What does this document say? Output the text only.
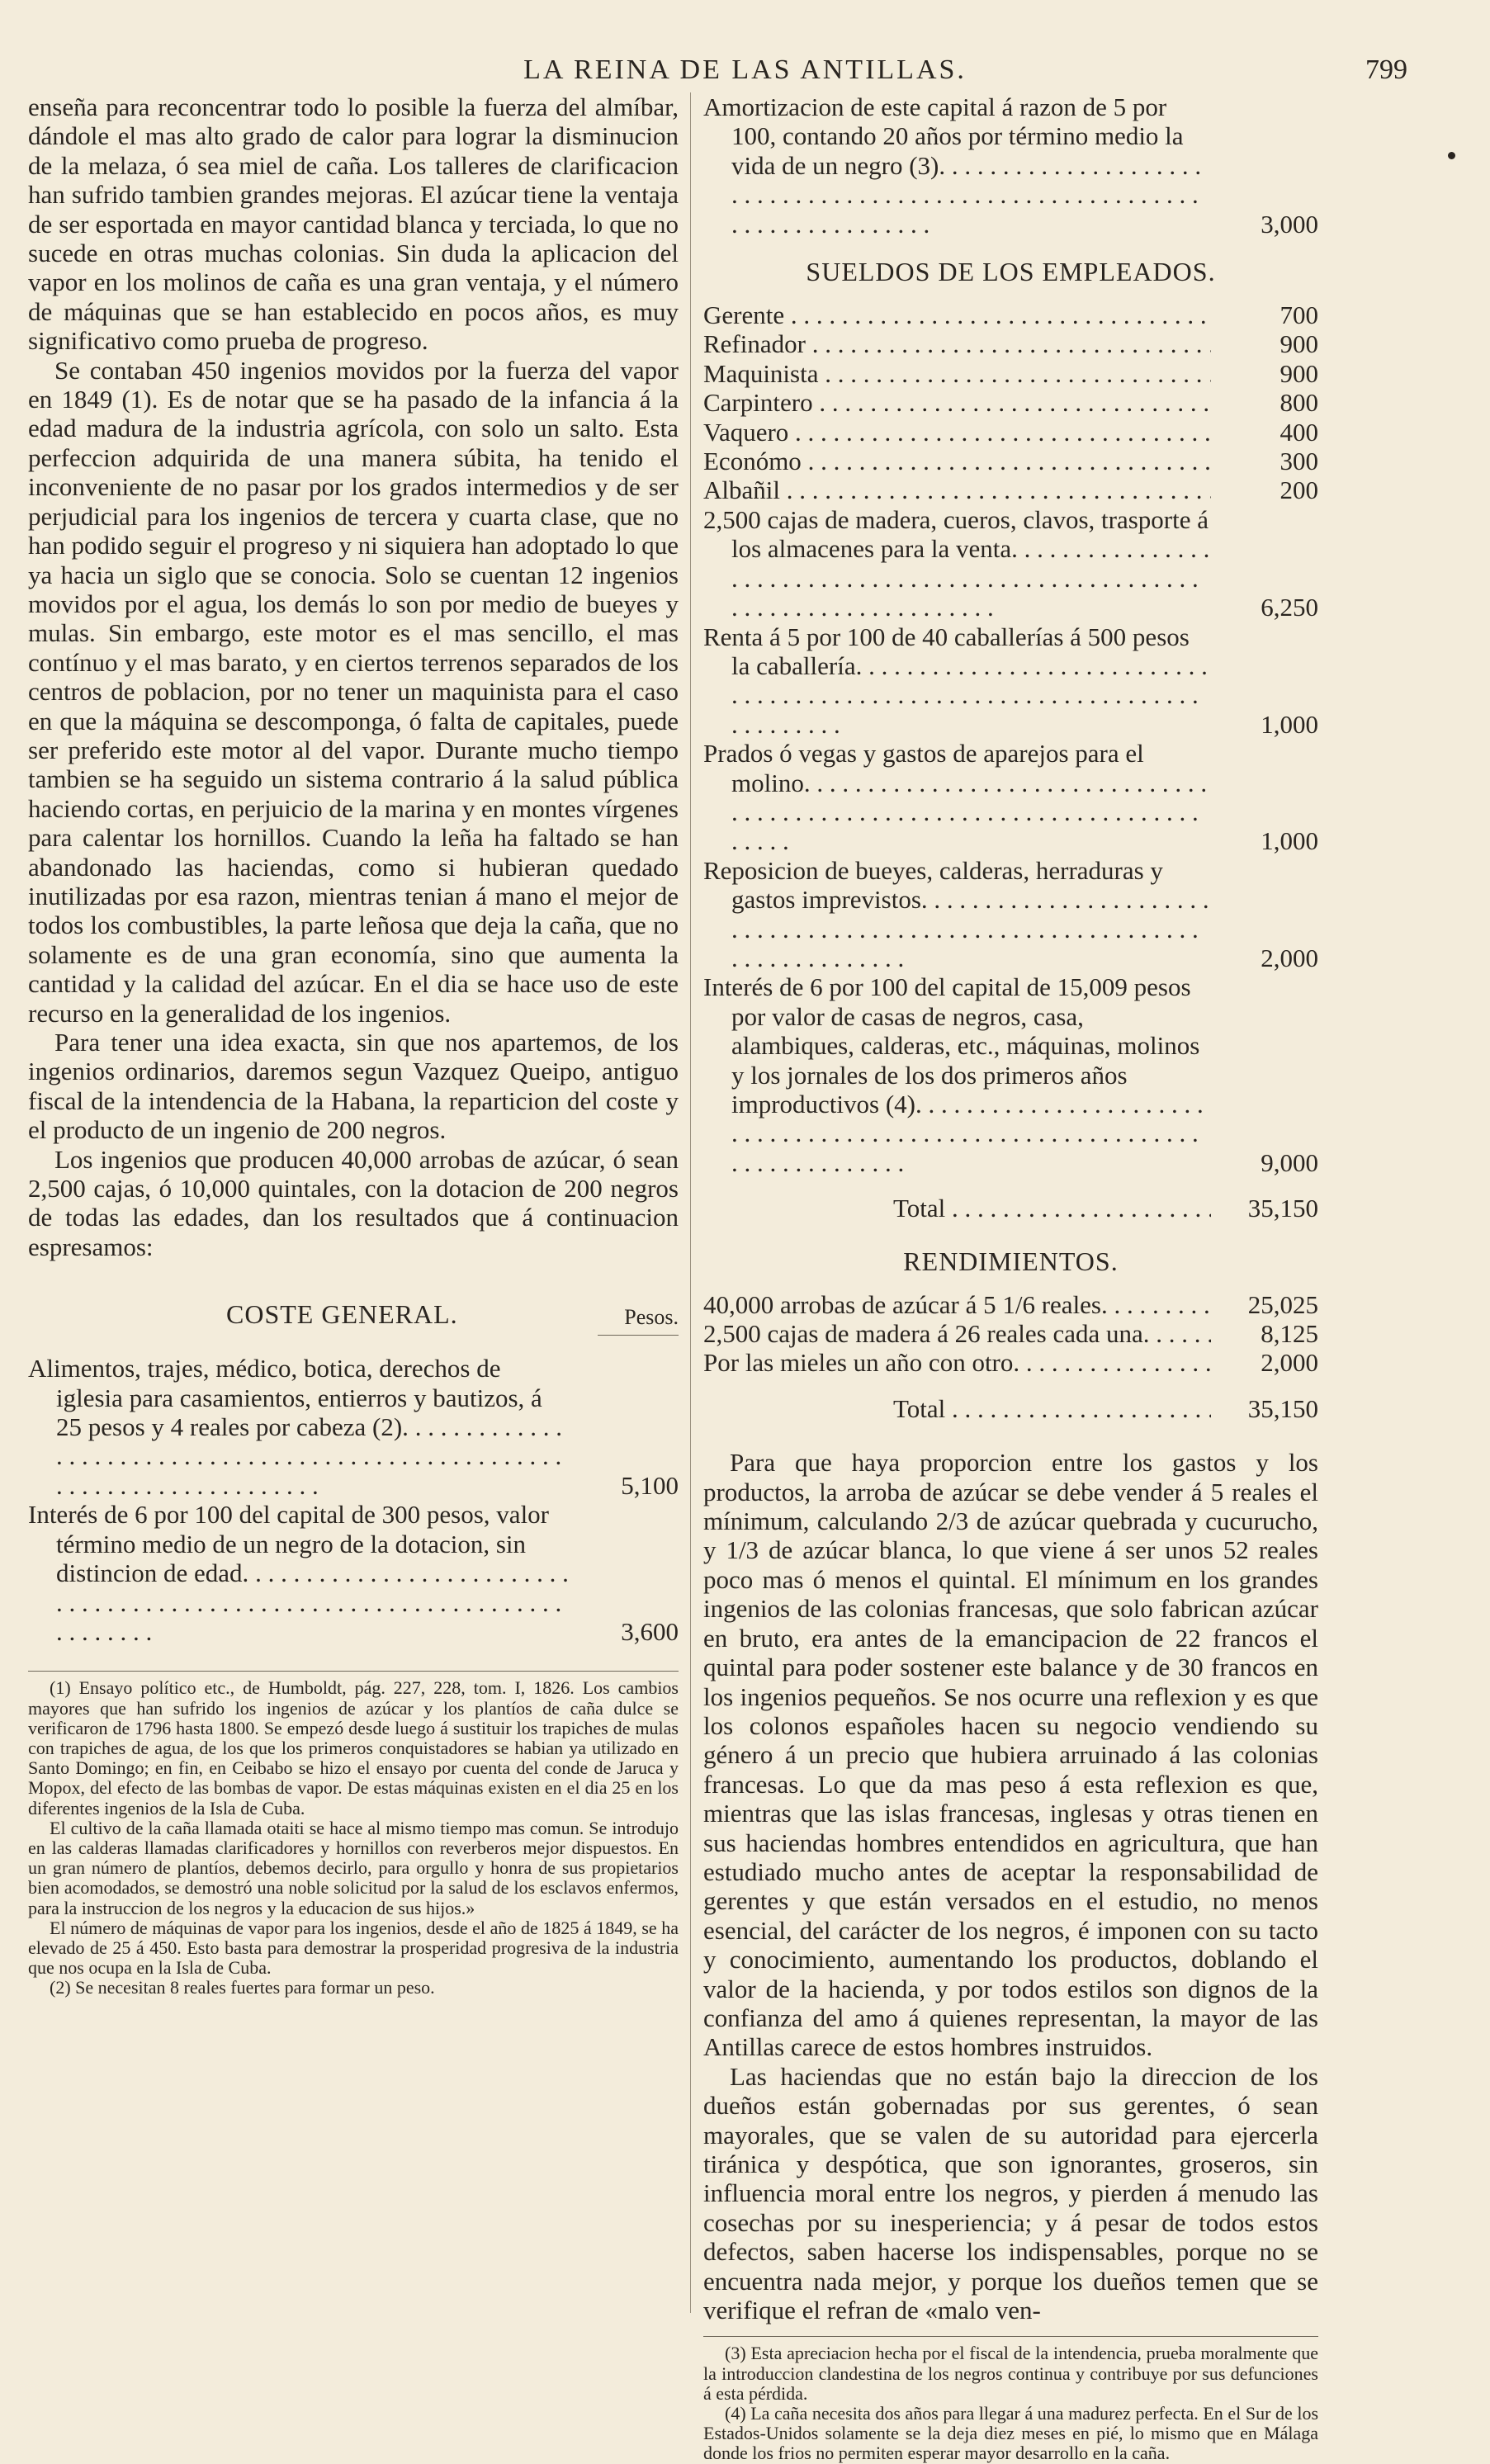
LA REINA DE LAS ANTILLAS.	799

enseña para reconcentrar todo lo posible la fuerza del almíbar, dándole el mas alto grado de calor para lograr la disminucion de la melaza, ó sea miel de caña. Los talleres de clarificacion han sufrido tambien grandes mejoras. El azúcar tiene la ventaja de ser esportada en mayor cantidad blanca y terciada, lo que no sucede en otras muchas colonias. Sin duda la aplicacion del vapor en los molinos de caña es una gran ventaja, y el número de máquinas que se han establecido en pocos años, es muy significativo como prueba de progreso.

Se contaban 450 ingenios movidos por la fuerza del vapor en 1849 (1). Es de notar que se ha pasado de la infancia á la edad madura de la industria agrícola, con solo un salto. Esta perfeccion adquirida de una manera súbita, ha tenido el inconveniente de no pasar por los grados intermedios y de ser perjudicial para los ingenios de tercera y cuarta clase, que no han podido seguir el progreso y ni siquiera han adoptado lo que ya hacia un siglo que se conocia. Solo se cuentan 12 ingenios movidos por el agua, los demás lo son por medio de bueyes y mulas. Sin embargo, este motor es el mas sencillo, el mas contínuo y el mas barato, y en ciertos terrenos separados de los centros de poblacion, por no tener un maquinista para el caso en que la máquina se descomponga, ó falta de capitales, puede ser preferido este motor al del vapor. Durante mucho tiempo tambien se ha seguido un sistema contrario á la salud pública haciendo cortas, en perjuicio de la marina y en montes vírgenes para calentar los hornillos. Cuando la leña ha faltado se han abandonado las haciendas, como si hubieran quedado inutilizadas por esa razon, mientras tenian á mano el mejor de todos los combustibles, la parte leñosa que deja la caña, que no solamente es de una gran economía, sino que aumenta la cantidad y la calidad del azúcar. En el dia se hace uso de este recurso en la generalidad de los ingenios.

Para tener una idea exacta, sin que nos apartemos, de los ingenios ordinarios, daremos segun Vazquez Queipo, antiguo fiscal de la intendencia de la Habana, la reparticion del coste y el producto de un ingenio de 200 negros.

Los ingenios que producen 40,000 arrobas de azúcar, ó sean 2,500 cajas, ó 10,000 quintales, con la dotacion de 200 negros de todas las edades, dan los resultados que á continuacion espresamos:

COSTE GENERAL.	Pesos.
Alimentos, trajes, médico, botica, derechos de iglesia para casamientos, entierros y bautizos, á 25 pesos y 4 reales por cabeza (2). . . .
5,100
Interés de 6 por 100 del capital de 300 pesos, valor término medio de un negro de la dotacion, sin distincion de edad. . . .
3,600

(1) Ensayo político etc., de Humboldt, pág. 227, 228, tom. I, 1826. Los cambios mayores que han sufrido los ingenios de azúcar y los plantíos de caña dulce se verificaron de 1796 hasta 1800. Se empezó desde luego á sustituir los trapiches de mulas con trapiches de agua, de los que los primeros conquistadores se habian ya utilizado en Santo Domingo; en fin, en Ceibabo se hizo el ensayo por cuenta del conde de Jaruca y Mopox, del efecto de las bombas de vapor. De estas máquinas existen en el dia 25 en los diferentes ingenios de la Isla de Cuba.

El cultivo de la caña llamada otaiti se hace al mismo tiempo mas comun. Se introdujo en las calderas llamadas clarificadores y hornillos con reverberos mejor dispuestos. En un gran número de plantíos, debemos decirlo, para orgullo y honra de sus propietarios bien acomodados, se demostró una noble solicitud por la salud de los esclavos enfermos, para la instruccion de los negros y la educacion de sus hijos.»

El número de máquinas de vapor para los ingenios, desde el año de 1825 á 1849, se ha elevado de 25 á 450. Esto basta para demostrar la prosperidad progresiva de la industria que nos ocupa en la Isla de Cuba.

(2) Se necesitan 8 reales fuertes para formar un peso.

Amortizacion de este capital á razon de 5 por 100, contando 20 años por término medio la vida de un negro (3). . . .
3,000

SUELDOS DE LOS EMPLEADOS.

Gerente . . .	700
Refinador . . .	900
Maquinista . . .	900
Carpintero . . .	800
Vaquero . . .	400
Económo . . .	300
Albañil . . .	200
2,500 cajas de madera, cueros, clavos, trasporte á los almacenes para la venta. . . .
6,250
Renta á 5 por 100 de 40 caballerías á 500 pesos la caballería. . . .
1,000
Prados ó vegas y gastos de aparejos para el molino. . . .
1,000
Reposicion de bueyes, calderas, herraduras y gastos imprevistos. . . .
2,000
Interés de 6 por 100 del capital de 15,009 pesos por valor de casas de negros, casa, alambiques, calderas, etc., máquinas, molinos y los jornales de los dos primeros años improductivos (4). . . .
9,000
Total . . .	35,150

RENDIMIENTOS.

40,000 arrobas de azúcar á 5 1/6 reales. . . .	25,025
2,500 cajas de madera á 26 reales cada una. . . .	8,125
Por las mieles un año con otro. . . .	2,000
Total . . .	35,150

Para que haya proporcion entre los gastos y los productos, la arroba de azúcar se debe vender á 5 reales el mínimum, calculando 2/3 de azúcar quebrada y cucurucho, y 1/3 de azúcar blanca, lo que viene á ser unos 52 reales poco mas ó menos el quintal. El mínimum en los grandes ingenios de las colonias francesas, que solo fabrican azúcar en bruto, era antes de la emancipacion de 22 francos el quintal para poder sostener este balance y de 30 francos en los ingenios pequeños. Se nos ocurre una reflexion y es que los colonos españoles hacen su negocio vendiendo su género á un precio que hubiera arruinado á las colonias francesas. Lo que da mas peso á esta reflexion es que, mientras que las islas francesas, inglesas y otras tienen en sus haciendas hombres entendidos en agricultura, que han estudiado mucho antes de aceptar la responsabilidad de gerentes y que están versados en el estudio, no menos esencial, del carácter de los negros, é imponen con su tacto y conocimiento, aumentando los productos, doblando el valor de la hacienda, y por todos estilos son dignos de la confianza del amo á quienes representan, la mayor de las Antillas carece de estos hombres instruidos.

Las haciendas que no están bajo la direccion de los dueños están gobernadas por sus gerentes, ó sean mayorales, que se valen de su autoridad para ejercerla tiránica y despótica, que son ignorantes, groseros, sin influencia moral entre los negros, y pierden á menudo las cosechas por su inesperiencia; y á pesar de todos estos defectos, saben hacerse los indispensables, porque no se encuentra nada mejor, y porque los dueños temen que se verifique el refran de «malo ven-

(3) Esta apreciacion hecha por el fiscal de la intendencia, prueba moralmente que la introduccion clandestina de los negros continua y contribuye por sus defunciones á esta pérdida.

(4) La caña necesita dos años para llegar á una madurez perfecta. En el Sur de los Estados-Unidos solamente se la deja diez meses en pié, lo mismo que en Málaga donde los frios no permiten esperar mayor desarrollo en la caña.
